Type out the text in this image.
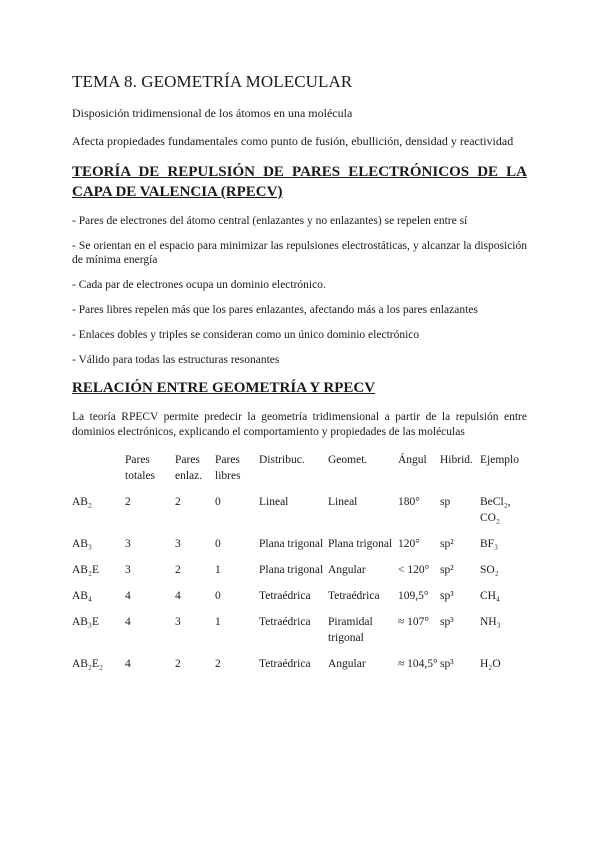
TEMA 8. GEOMETRÍA MOLECULAR

Disposición tridimensional de los átomos en una molécula

Afecta propiedades fundamentales como punto de fusión, ebullición, densidad y reactividad

TEORÍA DE REPULSIÓN DE PARES ELECTRÓNICOS DE LA CAPA DE VALENCIA (RPECV)

- Pares de electrones del átomo central (enlazantes y no enlazantes) se repelen entre sí

- Se orientan en el espacio para minimizar las repulsiones electrostáticas, y alcanzar la disposición de mínima energía

- Cada par de electrones ocupa un dominio electrónico.

- Pares libres repelen más que los pares enlazantes, afectando más a los pares enlazantes

- Enlaces dobles y triples se consideran como un único dominio electrónico

- Válido para todas las estructuras resonantes

RELACIÓN ENTRE GEOMETRÍA Y RPECV

La teoría RPECV permite predecir la geometría tridimensional a partir de la repulsión entre dominios electrónicos, explicando el comportamiento y propiedades de las moléculas

	Pares totales	Pares enlaz.	Pares libres	Distribuc.	Geomet.	Ángul	Hibrid.	Ejemplo
AB₂	2	2	0	Lineal	Lineal	180°	sp	BeCl₂, CO₂
AB₃	3	3	0	Plana trigonal	Plana trigonal	120°	sp²	BF₃
AB₂E	3	2	1	Plana trigonal	Angular	< 120°	sp²	SO₂
AB₄	4	4	0	Tetraédrica	Tetraédrica	109,5°	sp³	CH₄
AB₃E	4	3	1	Tetraédrica	Piramidal trigonal	≈ 107°	sp³	NH₃
AB₂E₂	4	2	2	Tetraédrica	Angular	≈ 104,5°	sp³	H₂O
